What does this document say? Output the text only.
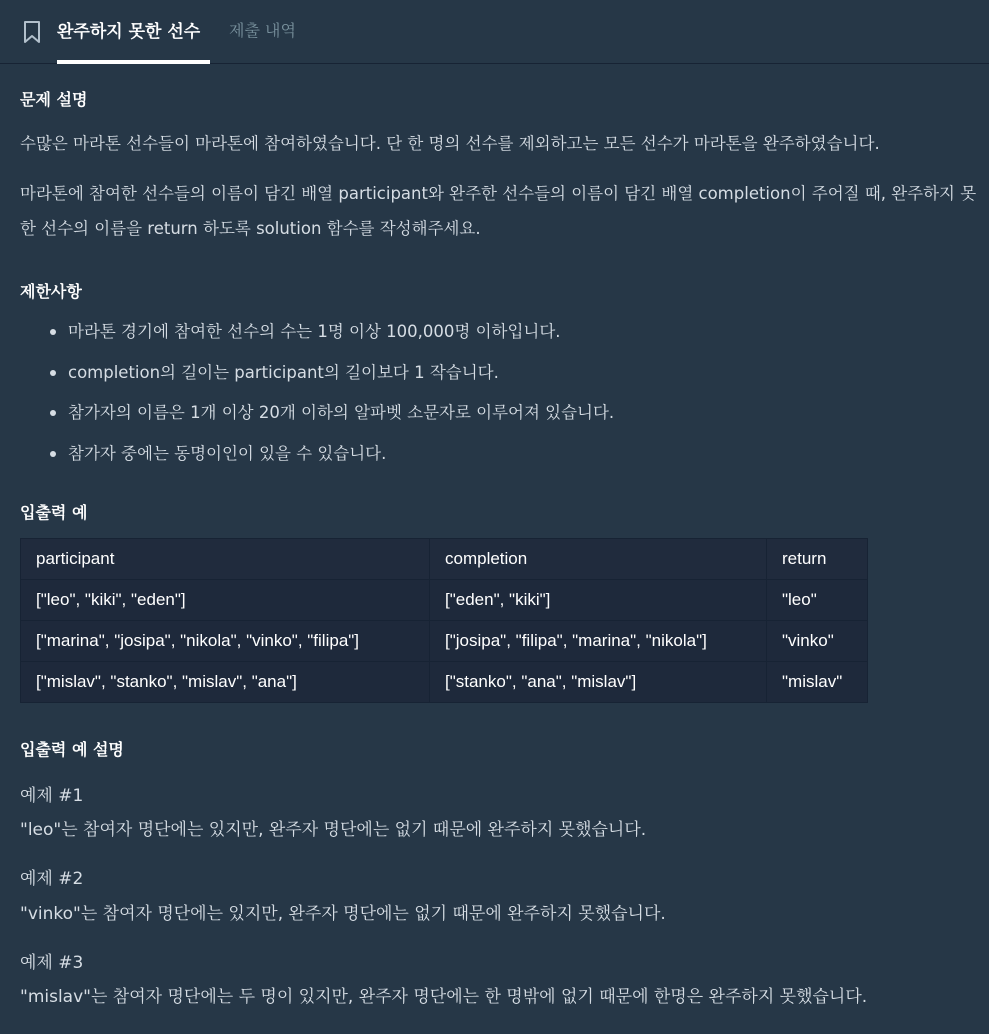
완주하지 못한 선수 제출 내역
문제 설명
수많은 마라톤 선수들이 마라톤에 참여하였습니다. 단 한 명의 선수를 제외하고는 모든 선수가 마라톤을 완주하였습니다.
마라톤에 참여한 선수들의 이름이 담긴 배열 participant와 완주한 선수들의 이름이 담긴 배열 completion이 주어질 때, 완주하지 못한 선수의 이름을 return 하도록 solution 함수를 작성해주세요.
제한사항
마라톤 경기에 참여한 선수의 수는 1명 이상 100,000명 이하입니다.
completion의 길이는 participant의 길이보다 1 작습니다.
참가자의 이름은 1개 이상 20개 이하의 알파벳 소문자로 이루어져 있습니다.
참가자 중에는 동명이인이 있을 수 있습니다.
입출력 예
participant	completion	return
["leo", "kiki", "eden"]	["eden", "kiki"]	"leo"
["marina", "josipa", "nikola", "vinko", "filipa"]	["josipa", "filipa", "marina", "nikola"]	"vinko"
["mislav", "stanko", "mislav", "ana"]	["stanko", "ana", "mislav"]	"mislav"
입출력 예 설명
예제 #1
"leo"는 참여자 명단에는 있지만, 완주자 명단에는 없기 때문에 완주하지 못했습니다.
예제 #2
"vinko"는 참여자 명단에는 있지만, 완주자 명단에는 없기 때문에 완주하지 못했습니다.
예제 #3
"mislav"는 참여자 명단에는 두 명이 있지만, 완주자 명단에는 한 명밖에 없기 때문에 한명은 완주하지 못했습니다.
